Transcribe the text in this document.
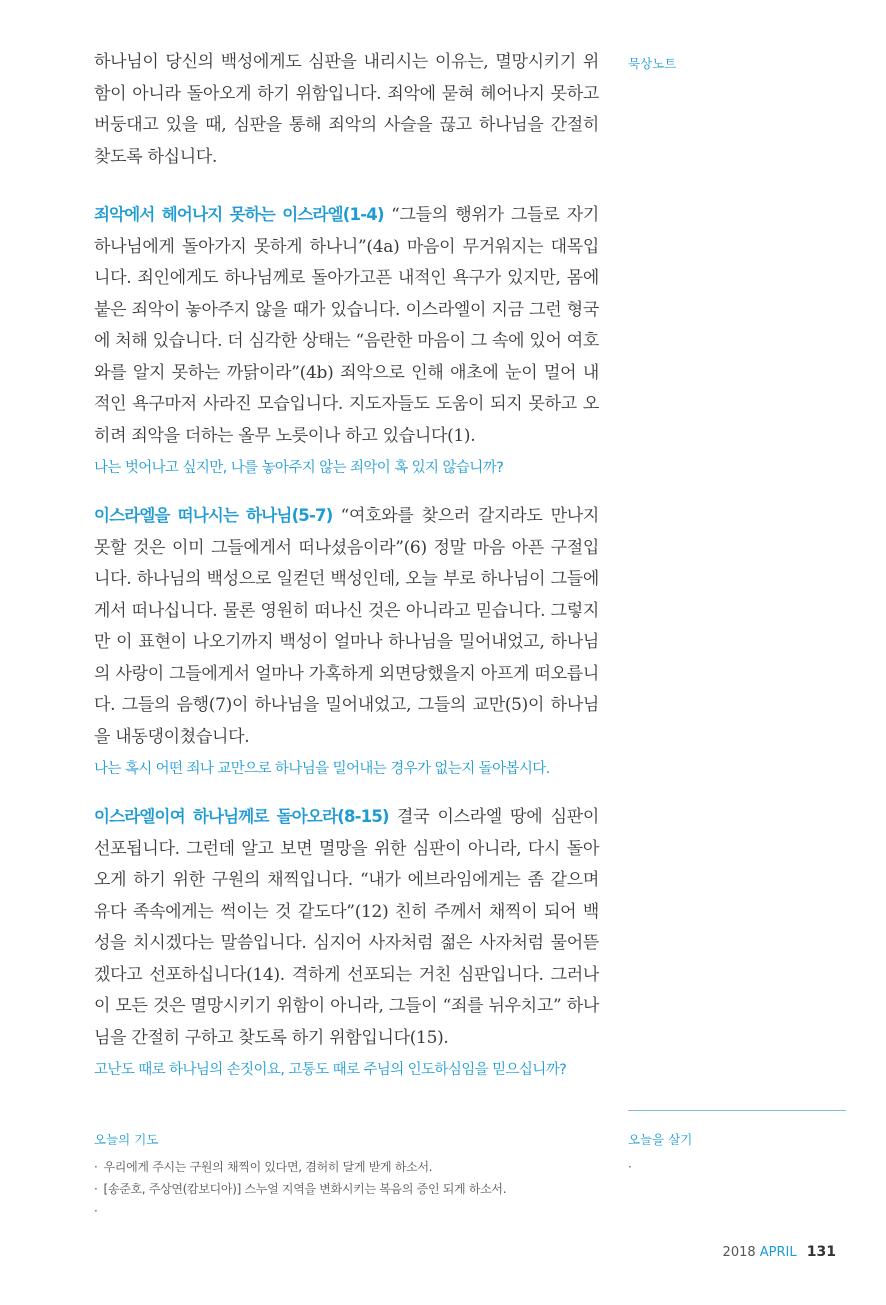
하나님이 당신의 백성에게도 심판을 내리시는 이유는, 멸망시키기 위함이 아니라 돌아오게 하기 위함입니다. 죄악에 묻혀 헤어나지 못하고 버둥대고 있을 때, 심판을 통해 죄악의 사슬을 끊고 하나님을 간절히 찾도록 하십니다.

죄악에서 헤어나지 못하는 이스라엘(1-4) “그들의 행위가 그들로 자기 하나님에게 돌아가지 못하게 하나니”(4a) 마음이 무거워지는 대목입니다. 죄인에게도 하나님께로 돌아가고픈 내적인 욕구가 있지만, 몸에 붙은 죄악이 놓아주지 않을 때가 있습니다. 이스라엘이 지금 그런 형국에 처해 있습니다. 더 심각한 상태는 “음란한 마음이 그 속에 있어 여호와를 알지 못하는 까닭이라”(4b) 죄악으로 인해 애초에 눈이 멀어 내적인 욕구마저 사라진 모습입니다. 지도자들도 도움이 되지 못하고 오히려 죄악을 더하는 올무 노릇이나 하고 있습니다(1).

나는 벗어나고 싶지만, 나를 놓아주지 않는 죄악이 혹 있지 않습니까?

이스라엘을 떠나시는 하나님(5-7) “여호와를 찾으러 갈지라도 만나지 못할 것은 이미 그들에게서 떠나셨음이라”(6) 정말 마음 아픈 구절입니다. 하나님의 백성으로 일컫던 백성인데, 오늘 부로 하나님이 그들에게서 떠나십니다. 물론 영원히 떠나신 것은 아니라고 믿습니다. 그렇지만 이 표현이 나오기까지 백성이 얼마나 하나님을 밀어내었고, 하나님의 사랑이 그들에게서 얼마나 가혹하게 외면당했을지 아프게 떠오릅니다. 그들의 음행(7)이 하나님을 밀어내었고, 그들의 교만(5)이 하나님을 내동댕이쳤습니다.

나는 혹시 어떤 죄나 교만으로 하나님을 밀어내는 경우가 없는지 돌아봅시다.

이스라엘이여 하나님께로 돌아오라(8-15) 결국 이스라엘 땅에 심판이 선포됩니다. 그런데 알고 보면 멸망을 위한 심판이 아니라, 다시 돌아오게 하기 위한 구원의 채찍입니다. “내가 에브라임에게는 좀 같으며 유다 족속에게는 썩이는 것 같도다”(12) 친히 주께서 채찍이 되어 백성을 치시겠다는 말씀입니다. 심지어 사자처럼 젊은 사자처럼 물어뜯겠다고 선포하십니다(14). 격하게 선포되는 거친 심판입니다. 그러나 이 모든 것은 멸망시키기 위함이 아니라, 그들이 “죄를 뉘우치고” 하나님을 간절히 구하고 찾도록 하기 위함입니다(15).

고난도 때로 하나님의 손짓이요, 고통도 때로 주님의 인도하심임을 믿으십니까?

묵상노트
오늘의 기도
· 우리에게 주시는 구원의 채찍이 있다면, 겸허히 달게 받게 하소서.
· [송준호, 주상연(캄보디아)] 스누얼 지역을 변화시키는 복음의 증인 되게 하소서.
·
오늘을 살기
·
2018 APRIL 131
